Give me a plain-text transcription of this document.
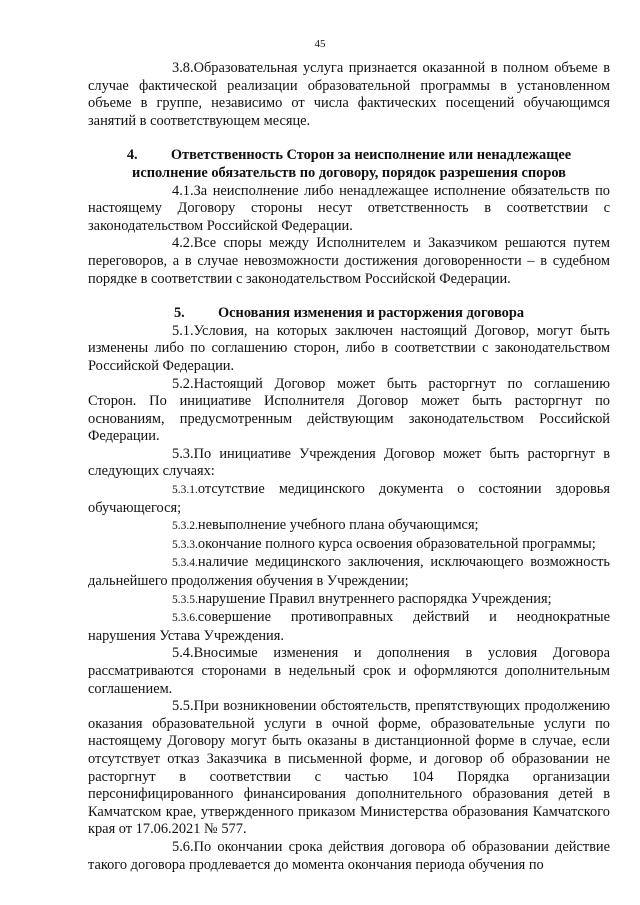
45

3.8.Образовательная услуга признается оказанной в полном объеме в случае фактической реализации образовательной программы в установленном объеме в группе, независимо от числа фактических посещений обучающимся занятий в соответствующем месяце.

4. Ответственность Сторон за неисполнение или ненадлежащее исполнение обязательств по договору, порядок разрешения споров

4.1.За неисполнение либо ненадлежащее исполнение обязательств по настоящему Договору стороны несут ответственность в соответствии с законодательством Российской Федерации.

4.2.Все споры между Исполнителем и Заказчиком решаются путем переговоров, а в случае невозможности достижения договоренности – в судебном порядке в соответствии с законодательством Российской Федерации.

5. Основания изменения и расторжения договора

5.1.Условия, на которых заключен настоящий Договор, могут быть изменены либо по соглашению сторон, либо в соответствии с законодательством Российской Федерации.

5.2.Настоящий Договор может быть расторгнут по соглашению Сторон. По инициативе Исполнителя Договор может быть расторгнут по основаниям, предусмотренным действующим законодательством Российской Федерации.

5.3.По инициативе Учреждения Договор может быть расторгнут в следующих случаях:

5.3.1.отсутствие медицинского документа о состоянии здоровья обучающегося;

5.3.2.невыполнение учебного плана обучающимся;

5.3.3.окончание полного курса освоения образовательной программы;

5.3.4.наличие медицинского заключения, исключающего возможность дальнейшего продолжения обучения в Учреждении;

5.3.5.нарушение Правил внутреннего распорядка Учреждения;

5.3.6.совершение противоправных действий и неоднократные нарушения Устава Учреждения.

5.4.Вносимые изменения и дополнения в условия Договора рассматриваются сторонами в недельный срок и оформляются дополнительным соглашением.

5.5.При возникновении обстоятельств, препятствующих продолжению оказания образовательной услуги в очной форме, образовательные услуги по настоящему Договору могут быть оказаны в дистанционной форме в случае, если отсутствует отказ Заказчика в письменной форме, и договор об образовании не расторгнут в соответствии с частью 104 Порядка организации персонифицированного финансирования дополнительного образования детей в Камчатском крае, утвержденного приказом Министерства образования Камчатского края от 17.06.2021 № 577.

5.6.По окончании срока действия договора об образовании действие такого договора продлевается до момента окончания периода обучения по
